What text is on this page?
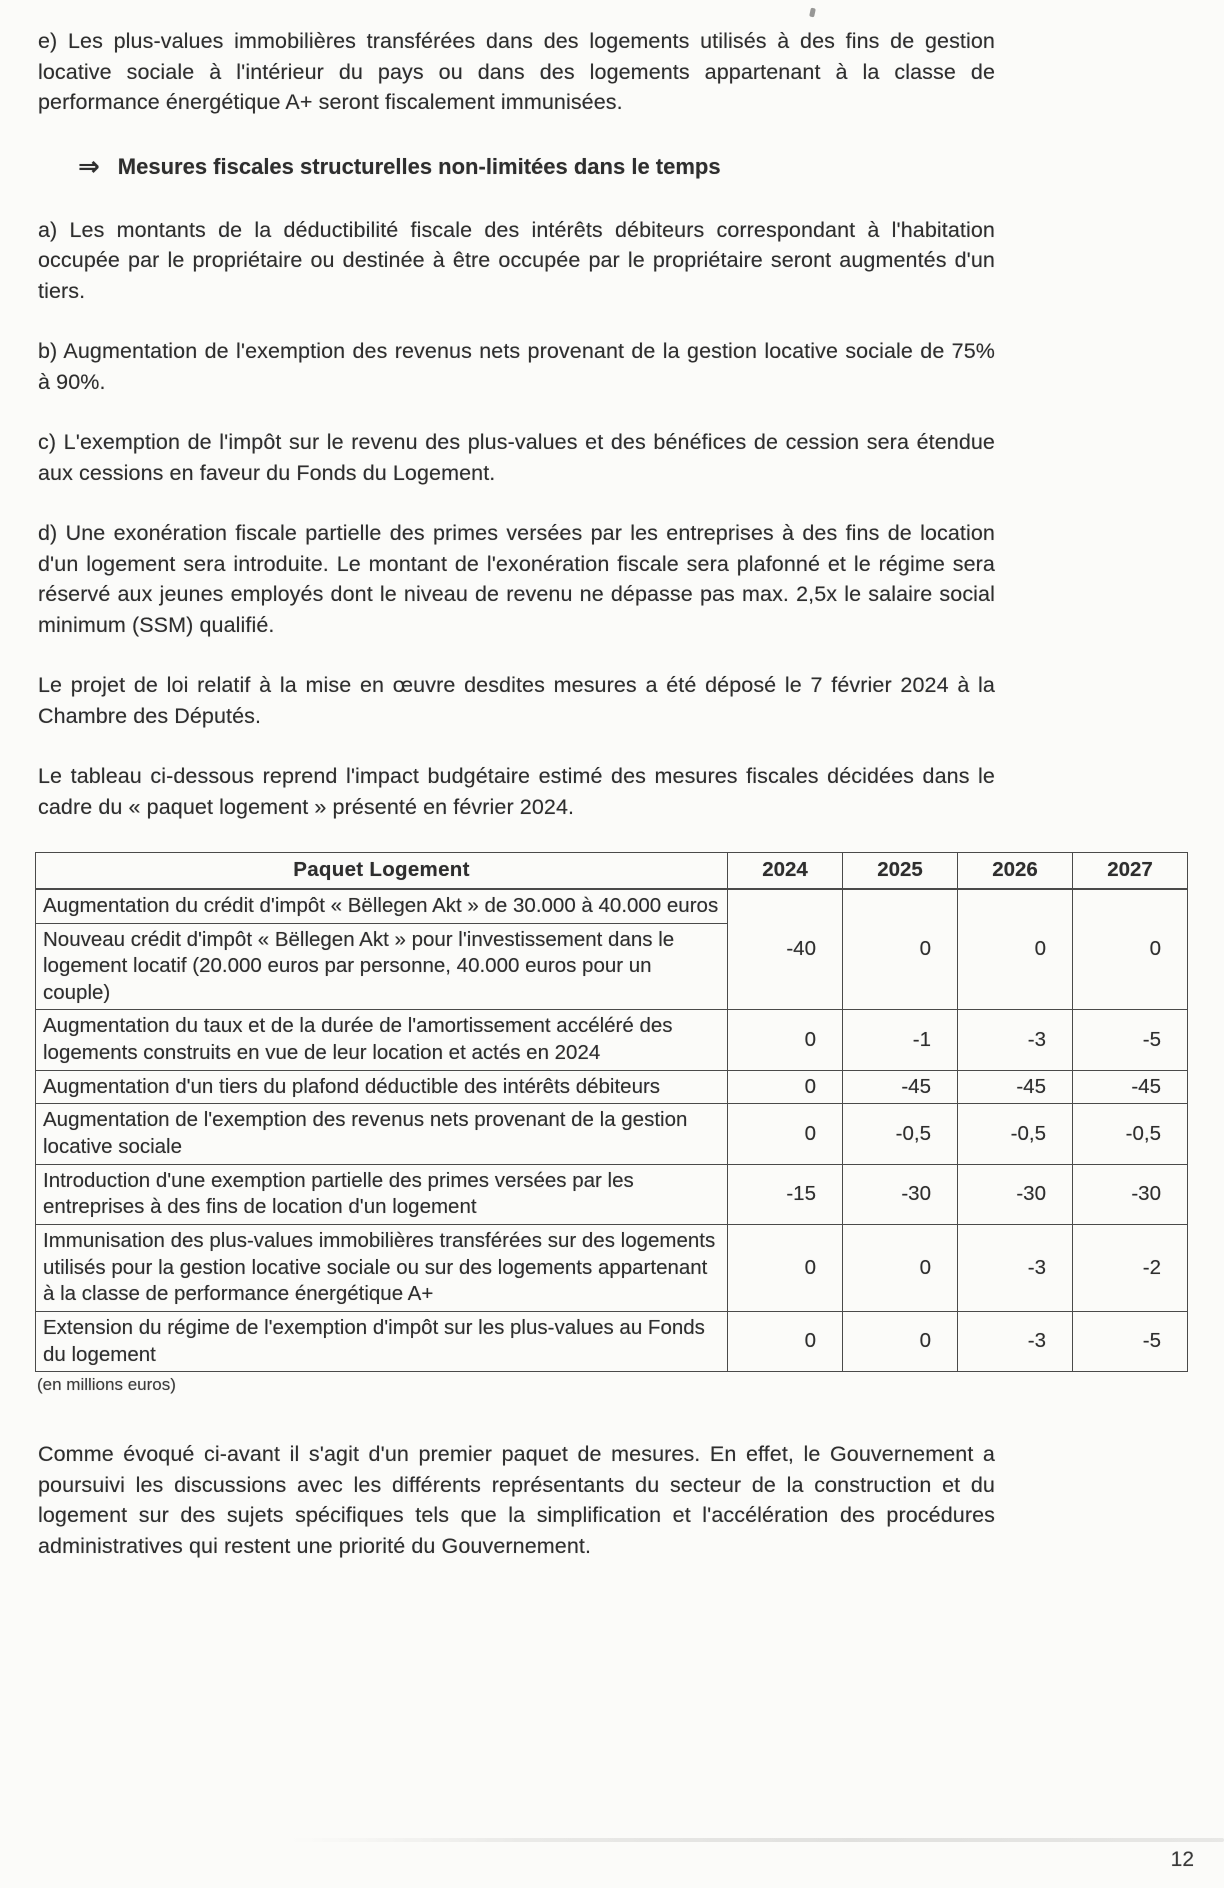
e) Les plus-values immobilières transférées dans des logements utilisés à des fins de gestion locative sociale à l'intérieur du pays ou dans des logements appartenant à la classe de performance énergétique A+ seront fiscalement immunisées.

⇒ Mesures fiscales structurelles non-limitées dans le temps

a) Les montants de la déductibilité fiscale des intérêts débiteurs correspondant à l'habitation occupée par le propriétaire ou destinée à être occupée par le propriétaire seront augmentés d'un tiers.

b) Augmentation de l'exemption des revenus nets provenant de la gestion locative sociale de 75% à 90%.

c) L'exemption de l'impôt sur le revenu des plus-values et des bénéfices de cession sera étendue aux cessions en faveur du Fonds du Logement.

d) Une exonération fiscale partielle des primes versées par les entreprises à des fins de location d'un logement sera introduite. Le montant de l'exonération fiscale sera plafonné et le régime sera réservé aux jeunes employés dont le niveau de revenu ne dépasse pas max. 2,5x le salaire social minimum (SSM) qualifié.

Le projet de loi relatif à la mise en œuvre desdites mesures a été déposé le 7 février 2024 à la Chambre des Députés.

Le tableau ci-dessous reprend l'impact budgétaire estimé des mesures fiscales décidées dans le cadre du « paquet logement » présenté en février 2024.

Paquet Logement	2024	2025	2026	2027
Augmentation du crédit d'impôt « Bëllegen Akt » de 30.000 à 40.000 euros	-40	0	0	0
Nouveau crédit d'impôt « Bëllegen Akt » pour l'investissement dans le logement locatif (20.000 euros par personne, 40.000 euros pour un couple)				
Augmentation du taux et de la durée de l'amortissement accéléré des logements construits en vue de leur location et actés en 2024	0	-1	-3	-5
Augmentation d'un tiers du plafond déductible des intérêts débiteurs	0	-45	-45	-45
Augmentation de l'exemption des revenus nets provenant de la gestion locative sociale	0	-0,5	-0,5	-0,5
Introduction d'une exemption partielle des primes versées par les entreprises à des fins de location d'un logement	-15	-30	-30	-30
Immunisation des plus-values immobilières transférées sur des logements utilisés pour la gestion locative sociale ou sur des logements appartenant à la classe de performance énergétique A+	0	0	-3	-2
Extension du régime de l'exemption d'impôt sur les plus-values au Fonds du logement	0	0	-3	-5
(en millions euros)

Comme évoqué ci-avant il s'agit d'un premier paquet de mesures. En effet, le Gouvernement a poursuivi les discussions avec les différents représentants du secteur de la construction et du logement sur des sujets spécifiques tels que la simplification et l'accélération des procédures administratives qui restent une priorité du Gouvernement.

12
